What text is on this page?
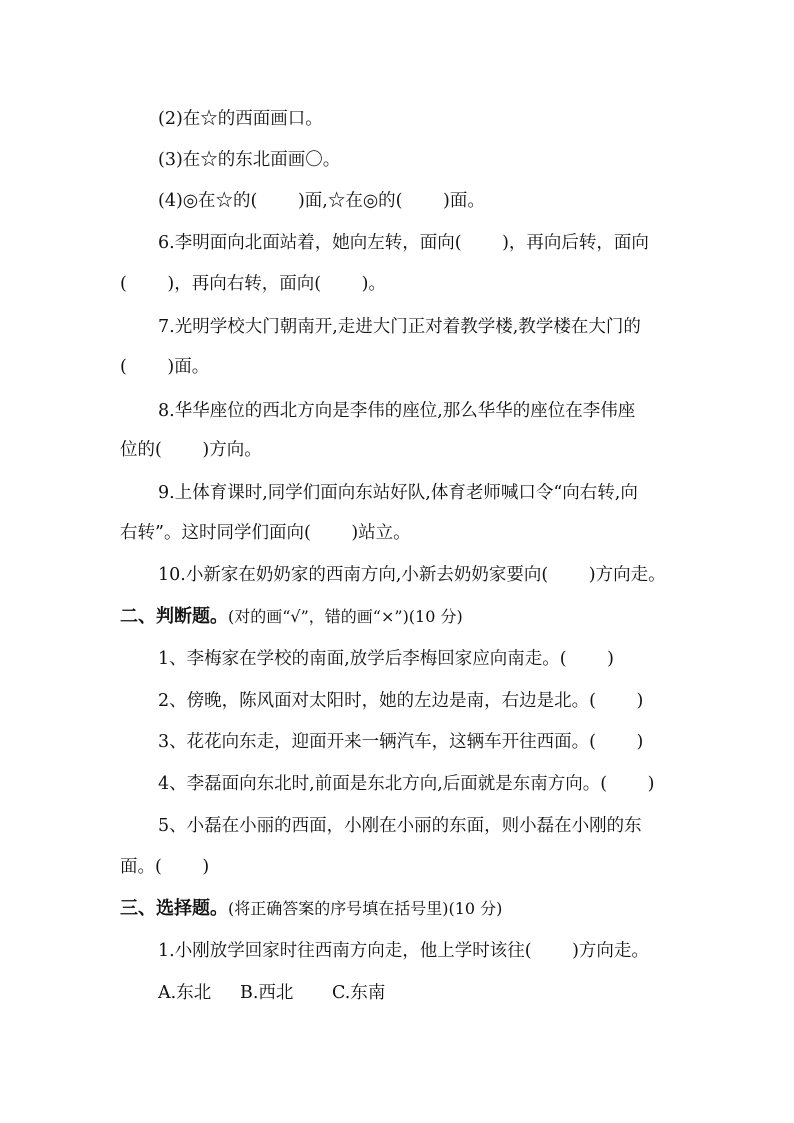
(2)在☆的西面画口。
(3)在☆的东北面画〇。
(4)◎在☆的(　　 )面,☆在◎的(　　 )面。
6.李明面向北面站着，她向左转，面向(　　 )，再向后转，面向
(　　 )，再向右转，面向(　　 )。
7.光明学校大门朝南开,走进大门正对着教学楼,教学楼在大门的
(　　 )面。
8.华华座位的西北方向是李伟的座位,那么华华的座位在李伟座
位的(　　 )方向。
9.上体育课时,同学们面向东站好队,体育老师喊口令“向右转,向
右转”。这时同学们面向(　　 )站立。
10.小新家在奶奶家的西南方向,小新去奶奶家要向(　　 )方向走。
二、判断题。(对的画“√”，错的画“×”)(10 分)
1、李梅家在学校的南面,放学后李梅回家应向南走。(　　 )
2、傍晚，陈风面对太阳时，她的左边是南，右边是北。(　　 )
3、花花向东走，迎面开来一辆汽车，这辆车开往西面。(　　 )
4、李磊面向东北时,前面是东北方向,后面就是东南方向。(　　 )
5、小磊在小丽的西面，小刚在小丽的东面，则小磊在小刚的东
面。(　　 )
三、选择题。(将正确答案的序号填在括号里)(10 分)
1.小刚放学回家时往西南方向走，他上学时该往(　　 )方向走。
A.东北 B.西北 C.东南
